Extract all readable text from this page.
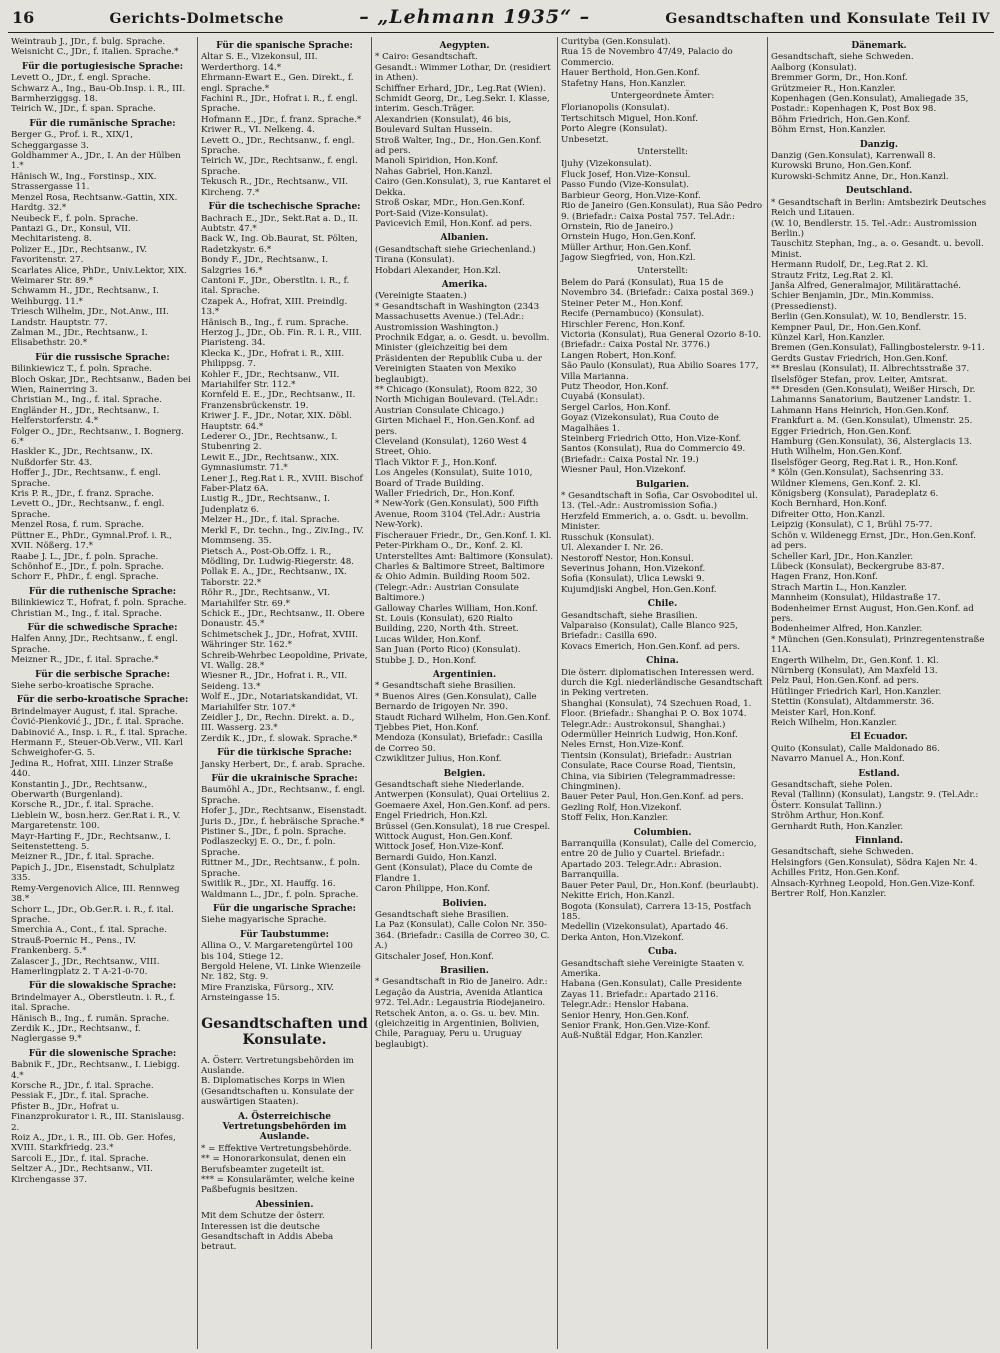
16	Gerichts-Dolmetsche	– „Lehmann 1935“ –	Gesandtschaften und Konsulate Teil IV
Weintraub J., JDr., f. bulg. Sprache.
Weisnicht C., JDr., f. italien. Sprache.*
Für die portugiesische Sprache:
Levett O., JDr., f. engl. Sprache.
Schwarz A., Ing., Bau-Ob.Insp. i. R., III. Barmherziggsg. 18.
Teirich W., JDr., f. span. Sprache.
Für die rumänische Sprache:
Berger G., Prof. i. R., XIX/1, Scheggargasse 3.
Goldhammer A., JDr., I. An der Hülben 1.*
Hänisch W., Ing., Forstinsp., XIX. Strassergasse 11.
Menzel Rosa, Rechtsanw.-Gattin, XIX. Hardtg. 32.*
Neubeck F., f. poln. Sprache.
Pantazi G., Dr., Konsul, VII. Mechitaristeng. 8.
Polizer E., JDr., Rechtsanw., IV. Favoritenstr. 27.
Scarlates Alice, PhDr., Univ.Lektor, XIX. Weimarer Str. 89.*
Schwamm H., JDr., Rechtsanw., I. Weihburgg. 11.*
Triesch Wilhelm, JDr., Not.Anw., III. Landstr. Hauptstr. 77.
Zalman M., JDr., Rechtsanw., I. Elisabethstr. 20.*
Für die russische Sprache:
Bilinkiewicz T., f. poln. Sprache.
Bloch Oskar, JDr., Rechtsanw., Baden bei Wien, Rainerring 3.
Christian M., Ing., f. ital. Sprache.
Engländer H., JDr., Rechtsanw., I. Helferstorferstr. 4.*
Folger O., JDr., Rechtsanw., I. Bognerg. 6.*
Haskler K., JDr., Rechtsanw., IX. Nußdorfer Str. 43.
Hoffer J., JDr., Rechtsanw., f. engl. Sprache.
Kris P. R., JDr., f. franz. Sprache.
Levett O., JDr., Rechtsanw., f. engl. Sprache.
Menzel Rosa, f. rum. Sprache.
Püttner E., PhDr., Gymnal.Prof. i. R., XVII. Nößerg. 17.*
Raabe J. L., JDr., f. poln. Sprache.
Schönhof E., JDr., f. poln. Sprache.
Schorr F., PhDr., f. engl. Sprache.
Für die ruthenische Sprache:
Bilinkiewicz T., Hofrat, f. poln. Sprache.
Christian M., Ing., f. ital. Sprache.
Für die schwedische Sprache:
Halfen Anny, JDr., Rechtsanw., f. engl. Sprache.
Meizner R., JDr., f. ital. Sprache.*
Für die serbische Sprache:
Siehe serbo-kroatische Sprache.
Für die serbo-kroatische Sprache:
Brindelmayer August, f. ital. Sprache.
Ćović-Pienković J., JDr., f. ital. Sprache.
Dabinović A., Insp. i. R., f. ital. Sprache.
Hermann F., Steuer-Ob.Verw., VII. Karl Schweighofer-G. 5.
Jedina R., Hofrat, XIII. Linzer Straße 440.
Konstantin J., JDr., Rechtsanw., Oberwarth (Burgenland).
Korsche R., JDr., f. ital. Sprache.
Lieblein W., bosn.herz. Ger.Rat i. R., V. Margaretenstr. 100.
Mayr-Harting F., JDr., Rechtsanw., I. Seitenstetteng. 5.
Meizner R., JDr., f. ital. Sprache.
Papich J., JDr., Eisenstadt, Schulplatz 335.
Remy-Vergenovich Alice, III. Rennweg 38.*
Schorr L., JDr., Ob.Ger.R. i. R., f. ital. Sprache.
Smerchia A., Cont., f. ital. Sprache.
Strauß-Poernic H., Pens., IV. Frankenberg. 5.*
Zalascer J., JDr., Rechtsanw., VIII. Hamerlingplatz 2. T A-21-0-70.
Für die slowakische Sprache:
Brindelmayer A., Oberstleutn. i. R., f. ital. Sprache.
Hänisch B., Ing., f. rumän. Sprache.
Zerdik K., JDr., Rechtsanw., f. Naglergasse 9.*
Für die slowenische Sprache:
Babnik F., JDr., Rechtsanw., I. Liebigg. 4.*
Korsche R., JDr., f. ital. Sprache.
Pessiak F., JDr., f. ital. Sprache.
Pfister B., JDr., Hofrat u. Finanzprokurator i. R., III. Stanislausg. 2.
Roiz A., JDr., i. R., III. Ob. Ger. Hofes, XVIII. Starkfriedg. 23.*
Sarcoli E., JDr., f. ital. Sprache.
Seltzer A., JDr., Rechtsanw., VII. Kirchengasse 37.
Für die spanische Sprache:
Altar S. E., Vizekonsul, III. Werderthorg. 14.*
Ehrmann-Ewart E., Gen. Direkt., f. engl. Sprache.*
Fachini R., JDr., Hofrat i. R., f. engl. Sprache.
Hofmann E., JDr., f. franz. Sprache.*
Kriwer R., VI. Nelkeng. 4.
Levett O., JDr., Rechtsanw., f. engl. Sprache.
Teirich W., JDr., Rechtsanw., f. engl. Sprache.
Tekusch R., JDr., Rechtsanw., VII. Kircheng. 7.*
Für die tschechische Sprache:
Bachrach E., JDr., Sekt.Rat a. D., II. Aubtstr. 47.*
Back W., Ing. Ob.Baurat, St. Pölten, Radetzkystr. 6.*
Bondy F., JDr., Rechtsanw., I. Salzgries 16.*
Cantoni F., JDr., Oberstltn. i. R., f. ital. Sprache.
Czapek A., Hofrat, XIII. Preindlg. 13.*
Hänisch B., Ing., f. rum. Sprache.
Herzog J., JDr., Ob. Fin. R. i. R., VIII. Piaristeng. 34.
Klecka K., JDr., Hofrat i. R., XIII. Philippsg. 7.
Kohler F., JDr., Rechtsanw., VII. Mariahilfer Str. 112.*
Kornfeld E. E., JDr., Rechtsanw., II. Franzensbrückenstr. 19.
Kriwer J. F., JDr., Notar, XIX. Döbl. Hauptstr. 64.*
Lederer O., JDr., Rechtsanw., I. Stubenring 2.
Lewit E., JDr., Rechtsanw., XIX. Gymnasiumstr. 71.*
Lener J., Reg.Rat i. R., XVIII. Bischof Faber-Platz 6A.
Lustig R., JDr., Rechtsanw., I. Judenplatz 6.
Melzer H., JDr., f. ital. Sprache.
Merkl F., Dr. techn., Ing., Ziv.Ing., IV. Mommseng. 35.
Pietsch A., Post-Ob.Offz. i. R., Mödling, Dr. Ludwig-Riegerstr. 48.
Pollak E. A., JDr., Rechtsanw., IX. Taborstr. 22.*
Röhr R., JDr., Rechtsanw., VI. Mariahilfer Str. 69.*
Schick E., JDr., Rechtsanw., II. Obere Donaustr. 45.*
Schimetschek J., JDr., Hofrat, XVIII. Währinger Str. 162.*
Schreib-Wehrbec Leopoldine, Private, VI. Wallg. 28.*
Wiesner R., JDr., Hofrat i. R., VII. Seideng. 13.*
Wolf E., JDr., Notariatskandidat, VI. Mariahilfer Str. 107.*
Zeidler J., Dr., Rechn. Direkt. a. D., III. Wasserg. 23.*
Zerdik K., JDr., f. slowak. Sprache.*
Für die türkische Sprache:
Jansky Herbert, Dr., f. arab. Sprache.
Für die ukrainische Sprache:
Baumöhl A., JDr., Rechtsanw., f. engl. Sprache.
Hofer J., JDr., Rechtsanw., Eisenstadt.
Juris D., JDr., f. hebräische Sprache.*
Pistiner S., JDr., f. poln. Sprache.
Podlaszeckyj E. O., Dr., f. poln. Sprache.
Rittner M., JDr., Rechtsanw., f. poln. Sprache.
Switlik R., JDr., XI. Hauffg. 16.
Waldmann L., JDr., f. poln. Sprache.
Für die ungarische Sprache:
Siehe magyarische Sprache.
Für Taubstumme:
Allina O., V. Margaretengürtel 100 bis 104, Stiege 12.
Bergold Helene, VI. Linke Wienzeile Nr. 182, Stg. 9.
Mire Franziska, Fürsorg., XIV. Arnsteingasse 15.
Gesandtschaften und Konsulate.
A. Österr. Vertretungsbehörden im Auslande.
B. Diplomatisches Korps in Wien (Gesandtschaften u. Konsulate der auswärtigen Staaten).
A. Österreichische Vertretungsbehörden im Auslande.
* = Effektive Vertretungsbehörde.
** = Honorarkonsulat, denen ein Berufsbeamter zugeteilt ist.
*** = Konsularämter, welche keine Paßbefugnis besitzen.
Abessinien.
Mit dem Schutze der österr. Interessen ist die deutsche Gesandtschaft in Addis Abeba betraut.
Aegypten.
* Cairo: Gesandtschaft.
Gesandt.: Wimmer Lothar, Dr. (residiert in Athen).
Schiffner Erhard, JDr., Leg.Rat (Wien).
Schmidt Georg, Dr., Leg.Sekr. I. Klasse, interim. Gesch.Träger.
Alexandrien (Konsulat), 46 bis, Boulevard Sultan Hussein.
Stroß Walter, Ing., Dr., Hon.Gen.Konf. ad pers.
Manoli Spiridion, Hon.Konf.
Nahas Gabriel, Hon.Kanzl.
Cairo (Gen.Konsulat), 3, rue Kantaret el Dekka.
Stroß Oskar, MDr., Hon.Gen.Konf.
Port-Said (Vize-Konsulat).
Pavicevich Emil, Hon.Konf. ad pers.
Albanien.
(Gesandtschaft siehe Griechenland.) Tirana (Konsulat).
Hobdari Alexander, Hon.Kzl.
Amerika.
(Vereinigte Staaten.)
* Gesandtschaft in Washington (2343 Massachusetts Avenue.) (Tel.Adr.: Austromission Washington.)
Prochnik Edgar, a. o. Gesdt. u. bevollm. Minister (gleichzeitig bei dem Präsidenten der Republik Cuba u. der Vereinigten Staaten von Mexiko beglaubigt).
** Chicago (Konsulat), Room 822, 30 North Michigan Boulevard. (Tel.Adr.: Austrian Consulate Chicago.)
Girten Michael F., Hon.Gen.Konf. ad pers.
Cleveland (Konsulat), 1260 West 4 Street, Ohio.
Tlach Viktor F. J., Hon.Konf.
Los Angeles (Konsulat), Suite 1010, Board of Trade Building.
Waller Friedrich, Dr., Hon.Konf.
* New-York (Gen.Konsulat), 500 Fifth Avenue, Room 3104 (Tel.Adr.: Austria New-York).
Fischerauer Friedr., Dr., Gen.Konf. I. Kl.
Peter-Pirkham O., Dr., Konf. 2. Kl.
Unterstelltes Amt: Baltimore (Konsulat).
Charles & Baltimore Street, Baltimore & Ohio Admin. Building Room 502. (Telegr.-Adr.: Austrian Consulate Baltimore.)
Galloway Charles William, Hon.Konf.
St. Louis (Konsulat), 620 Rialto Building, 220, North 4th. Street.
Lucas Wilder, Hon.Konf.
San Juan (Porto Rico) (Konsulat).
Stubbe J. D., Hon.Konf.
Argentinien.
* Gesandtschaft siehe Brasilien.
* Buenos Aires (Gen.Konsulat), Calle Bernardo de Irigoyen Nr. 390.
Staudt Richard Wilhelm, Hon.Gen.Konf.
Tjebbes Piet, Hon.Konf.
Mendoza (Konsulat), Briefadr.: Casilla de Correo 50.
Czwiklitzer Julius, Hon.Konf.
Belgien.
Gesandtschaft siehe Niederlande.
Antwerpen (Konsulat), Quai Orteliius 2.
Goemaere Axel, Hon.Gen.Konf. ad pers.
Engel Friedrich, Hon.Kzl.
Brüssel (Gen.Konsulat), 18 rue Crespel.
Wittock August, Hon.Gen.Konf.
Wittock Josef, Hon.Vize-Konf.
Bernardi Guido, Hon.Kanzl.
Gent (Konsulat), Place du Comte de Flandre 1.
Caron Philippe, Hon.Konf.
Bolivien.
Gesandtschaft siehe Brasilien.
La Paz (Konsulat), Calle Colon Nr. 350-364. (Briefadr.: Casilla de Correo 30, C. A.)
Gitschaler Josef, Hon.Konf.
Brasilien.
* Gesandtschaft in Rio de Janeiro. Adr.: Legação da Austria, Avenida Atlantica 972. Tel.Adr.: Legaustria Riodejaneiro.
Retschek Anton, a. o. Gs. u. bev. Min. (gleichzeitig in Argentinien, Bolivien, Chile, Paraguay, Peru u. Uruguay beglaubigt).
Curityba (Gen.Konsulat).
Rua 15 de Novembro 47/49, Palacio do Commercio.
Hauer Berthold, Hon.Gen.Konf.
Stafetny Hans, Hon.Kanzler.
Untergeordnete Ämter:
Florianopolis (Konsulat).
Tertschitsch Miguel, Hon.Konf.
Porto Alegre (Konsulat).
Unbesetzt.
Unterstellt:
Ijuhy (Vizekonsulat).
Fluck Josef, Hon.Vize-Konsul.
Passo Fundo (Vize-Konsulat).
Barbieur Georg, Hon.Vize-Konf.
Rio de Janeiro (Gen.Konsulat), Rua São Pedro 9. (Briefadr.: Caixa Postal 757. Tel.Adr.: Ornstein, Rio de Janeiro.)
Ornstein Hugo, Hon.Gen.Konf.
Müller Arthur, Hon.Gen.Konf.
Jagow Siegfried, von, Hon.Kzl.
Unterstellt:
Belem do Pará (Konsulat), Rua 15 de Novembro 34. (Briefadr.: Caixa postal 369.)
Steiner Peter M., Hon.Konf.
Recife (Pernambuco) (Konsulat).
Hirschler Ferenc, Hon.Konf.
Victoria (Konsulat), Rua General Ozorio 8-10. (Briefadr.: Caixa Postal Nr. 3776.)
Langen Robert, Hon.Konf.
São Paulo (Konsulat), Rua Abilio Soares 177, Villa Marianna.
Putz Theodor, Hon.Konf.
Cuyabá (Konsulat).
Sergel Carlos, Hon.Konf.
Goyaz (Vizekonsulat), Rua Couto de Magalhães 1.
Steinberg Friedrich Otto, Hon.Vize-Konf.
Santos (Konsulat), Rua do Commercio 49. (Briefadr.: Caixa Postal Nr. 19.)
Wiesner Paul, Hon.Vizekonf.
Bulgarien.
* Gesandtschaft in Sofia, Car Osvoboditel ul. 13. (Tel.-Adr.: Austromission Sofia.)
Herzfeld Emmerich, a. o. Gsdt. u. bevollm. Minister.
Russchuk (Konsulat).
Ul. Alexander I. Nr. 26.
Nestoroff Nestor, Hon.Konsul.
Severinus Johann, Hon.Vizekonf.
Sofia (Konsulat), Ulica Lewski 9.
Kujumdjiski Angbel, Hon.Gen.Konf.
Chile.
Gesandtschaft, siehe Brasilien.
Valparaiso (Konsulat), Calle Blanco 925, Briefadr.: Casilla 690.
Kovacs Emerich, Hon.Gen.Konf. ad pers.
China.
Die österr. diplomatischen Interessen werd. durch die Kgl. niederländische Gesandtschaft in Peking vertreten.
Shanghai (Konsulat), 74 Szechuen Road, 1. Floor. (Briefadr.: Shanghai P. O. Box 1074. Telegr.Adr.: Austrokonsul, Shanghai.)
Odermüller Heinrich Ludwig, Hon.Konf.
Neles Ernst, Hon.Vize-Konf.
Tientsin (Konsulat), Briefadr.: Austrian Consulate, Race Course Road, Tientsin, China, via Sibirien (Telegrammadresse: Chingminen).
Bauer Peter Paul, Hon.Gen.Konf. ad pers.
Gezling Rolf, Hon.Vizekonf.
Stoff Felix, Hon.Kanzler.
Columbien.
Barranquilla (Konsulat), Calle del Comercio, entre 20 de Julio y Cuartel. Briefadr.: Apartado 203. Telegr.Adr.: Abrasion. Barranquilla.
Bauer Peter Paul, Dr., Hon.Konf. (beurlaubt).
Nekitte Erich, Hon.Kanzl.
Bogota (Konsulat), Carrera 13-15, Postfach 185.
Medellin (Vizekonsulat), Apartado 46.
Derka Anton, Hon.Vizekonf.
Cuba.
Gesandtschaft siehe Vereinigte Staaten v. Amerika.
Habana (Gen.Konsulat), Calle Presidente Zayas 11. Briefadr.: Apartado 2116. Telegr.Adr.: Henslor Habana.
Senior Henry, Hon.Gen.Konf.
Senior Frank, Hon.Gen.Vize-Konf.
Auß-Nußtäl Edgar, Hon.Kanzler.
Dänemark.
Gesandtschaft, siehe Schweden.
Aalborg (Konsulat).
Bremmer Gorm, Dr., Hon.Konf.
Grützmeier R., Hon.Kanzler.
Kopenhagen (Gen.Konsulat), Amaliegade 35, Postadr.: Kopenhagen K, Post Box 98.
Böhm Friedrich, Hon.Gen.Konf.
Böhm Ernst, Hon.Kanzler.
Danzig.
Danzig (Gen.Konsulat), Karrenwall 8.
Kurowski Bruno, Hon.Gen.Konf.
Kurowski-Schmitz Anne, Dr., Hon.Kanzl.
Deutschland.
* Gesandtschaft in Berlin: Amtsbezirk Deutsches Reich und Litauen.
(W. 10, Bendlerstr. 15. Tel.-Adr.: Austromission Berlin.)
Tauschitz Stephan, Ing., a. o. Gesandt. u. bevoll. Minist.
Hermann Rudolf, Dr., Leg.Rat 2. Kl.
Strautz Fritz, Leg.Rat 2. Kl.
Janša Alfred, Generalmajor, Militärattaché.
Schier Benjamin, JDr., Min.Kommiss. (Pressedienst).
Berlin (Gen.Konsulat), W. 10, Bendlerstr. 15.
Kempner Paul, Dr., Hon.Gen.Konf.
Künzel Karl, Hon.Kanzler.
Bremen (Gen.Konsulat), Fallingbostelerstr. 9-11.
Gerdts Gustav Friedrich, Hon.Gen.Konf.
** Breslau (Konsulat), II. Albrechtsstraße 37.
Ilselsföger Stefan, prov. Leiter, Amtsrat.
** Dresden (Gen.Konsulat), Weißer Hirsch, Dr. Lahmanns Sanatorium, Bautzener Landstr. 1.
Lahmann Hans Heinrich, Hon.Gen.Konf.
Frankfurt a. M. (Gen.Konsulat), Ulmenstr. 25.
Egger Friedrich, Hon.Gen.Konf.
Hamburg (Gen.Konsulat), 36, Alsterglacis 13.
Huth Wilhelm, Hon.Gen.Konf.
Ilselsföger Georg, Reg.Rat i. R., Hon.Konf.
* Köln (Gen.Konsulat), Sachsenring 33.
Wildner Klemens, Gen.Konf. 2. Kl.
Königsberg (Konsulat), Paradeplatz 6.
Koch Bernhard, Hon.Konf.
Difreiter Otto, Hon.Kanzl.
Leipzig (Konsulat), C 1, Brühl 75-77.
Schön v. Wildenegg Ernst, JDr., Hon.Gen.Konf. ad pers.
Scheller Karl, JDr., Hon.Kanzler.
Lübeck (Konsulat), Beckergrube 83-87.
Hagen Franz, Hon.Konf.
Strach Martin L., Hon.Kanzler.
Mannheim (Konsulat), Hildastraße 17.
Bodenheimer Ernst August, Hon.Gen.Konf. ad pers.
Bodenheimer Alfred, Hon.Kanzler.
* München (Gen.Konsulat), Prinzregentenstraße 11A.
Engerth Wilhelm, Dr., Gen.Konf. 1. Kl.
Nürnberg (Konsulat), Am Maxfeld 13.
Pelz Paul, Hon.Gen.Konf. ad pers.
Hütlinger Friedrich Karl, Hon.Kanzler.
Stettin (Konsulat), Altdammerstr. 36.
Meister Karl, Hon.Konf.
Reich Wilhelm, Hon.Kanzler.
El Ecuador.
Quito (Konsulat), Calle Maldonado 86.
Navarro Manuel A., Hon.Konf.
Estland.
Gesandtschaft, siehe Polen.
Reval (Tallinn) (Konsulat), Langstr. 9. (Tel.Adr.: Österr. Konsulat Tallinn.)
Ströhm Arthur, Hon.Konf.
Gernhardt Ruth, Hon.Kanzler.
Finnland.
Gesandtschaft, siehe Schweden.
Helsingfors (Gen.Konsulat), Södra Kajen Nr. 4.
Achilles Fritz, Hon.Gen.Konf.
Alnsach-Kyrhneg Leopold, Hon.Gen.Vize-Konf.
Bertrer Rolf, Hon.Kanzler.
